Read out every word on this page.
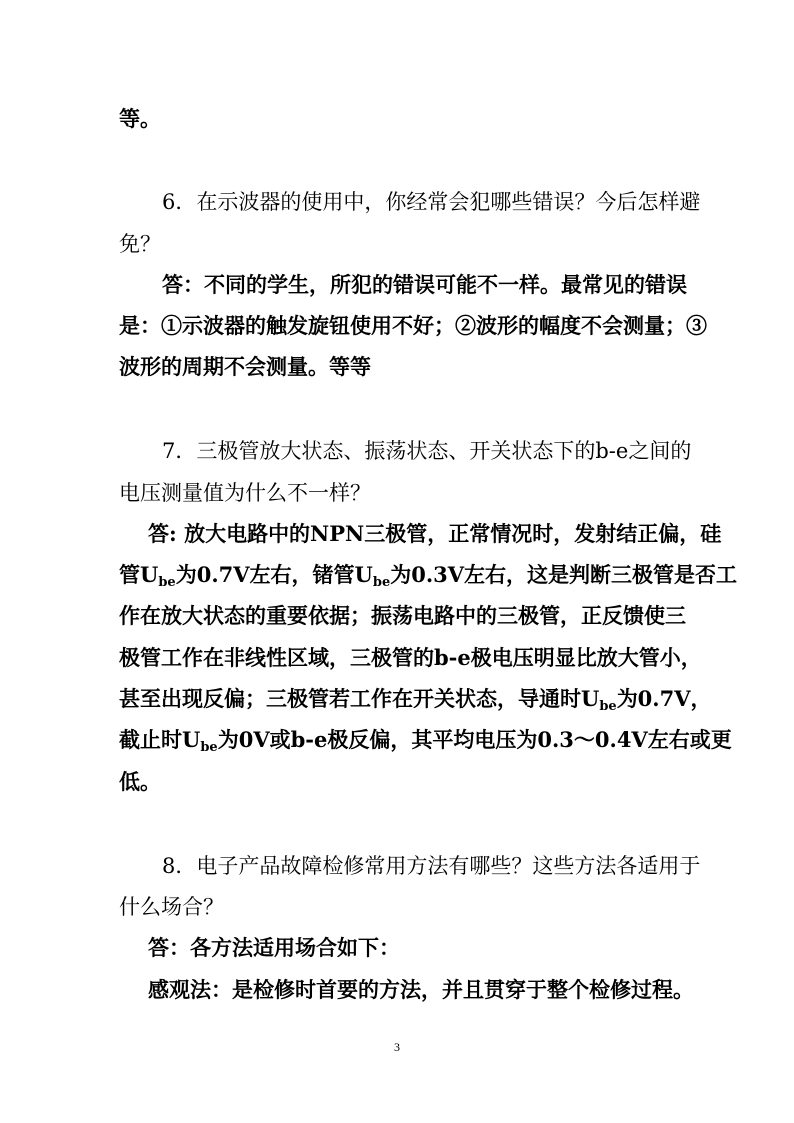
等。
6．在示波器的使用中，你经常会犯哪些错误？今后怎样避
免？
答：不同的学生，所犯的错误可能不一样。最常见的错误
是：①示波器的触发旋钮使用不好；②波形的幅度不会测量；③
波形的周期不会测量。等等
7．三极管放大状态、振荡状态、开关状态下的b-e之间的
电压测量值为什么不一样？
答: 放大电路中的NPN三极管，正常情况时，发射结正偏，硅
管$U_{be}$为0.7V左右，锗管$U_{be}$为0.3V左右，这是判断三极管是否工
作在放大状态的重要依据；振荡电路中的三极管，正反馈使三
极管工作在非线性区域，三极管的b-e极电压明显比放大管小，
甚至出现反偏；三极管若工作在开关状态，导通时$U_{be}$为0.7V，
截止时$U_{be}$为0V或b-e极反偏，其平均电压为0.3～0.4V左右或更
低。
8．电子产品故障检修常用方法有哪些？这些方法各适用于
什么场合？
答：各方法适用场合如下：
感观法：是检修时首要的方法，并且贯穿于整个检修过程。
3
